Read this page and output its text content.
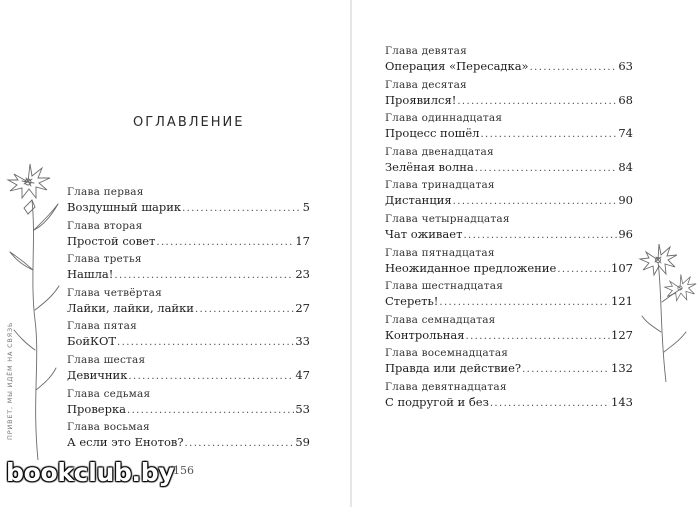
ПРИВЕТ, МЫ ИДЁМ НА СВЯЗЬ
ОГЛАВЛЕНИЕ
Глава первая
Воздушный шарик .....	5
Глава вторая
Простой совет .....	17
Глава третья
Нашла! .....	23
Глава четвёртая
Лайки, лайки, лайки .....	27
Глава пятая
БойКОТ .....	33
Глава шестая
Девичник .....	47
Глава седьмая
Проверка .....	53
Глава восьмая
А если это Енотов? .....	59
Глава девятая
Операция «Пересадка» .....	63
Глава десятая
Проявился! .....	68
Глава одиннадцатая
Процесс пошёл .....	74
Глава двенадцатая
Зелёная волна .....	84
Глава тринадцатая
Дистанция .....	90
Глава четырнадцатая
Чат оживает .....	96
Глава пятнадцатая
Неожиданное предложение .....	107
Глава шестнадцатая
Стереть! .....	121
Глава семнадцатая
Контрольная .....	127
Глава восемнадцатая
Правда или действие? .....	132
Глава девятнадцатая
С подругой и без .....	143
156
bookclub.by
